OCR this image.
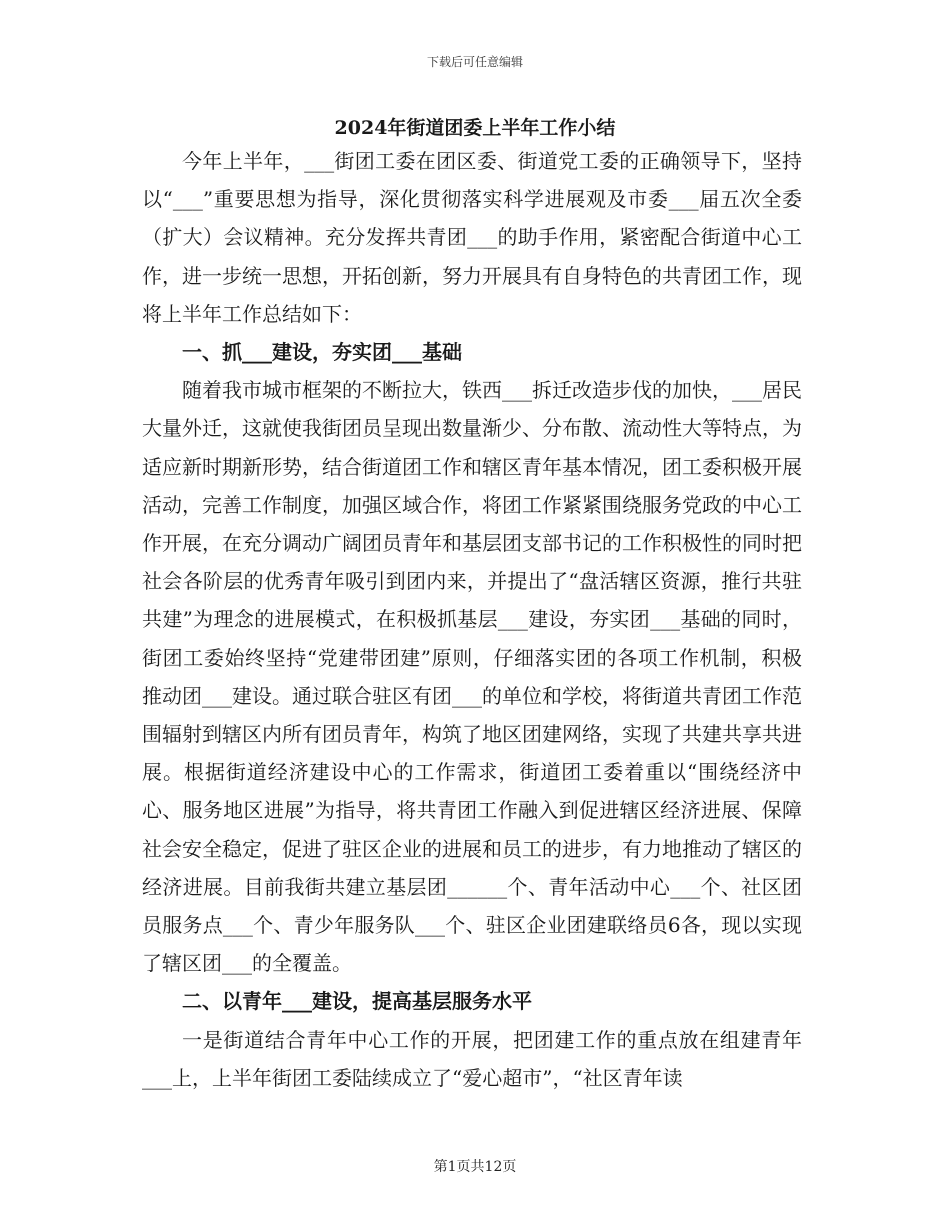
下载后可任意编辑
2024年街道团委上半年工作小结

今年上半年，___街团工委在团区委、街道党工委的正确领导下，坚持以“___”重要思想为指导，深化贯彻落实科学进展观及市委___届五次全委（扩大）会议精神。充分发挥共青团___的助手作用，紧密配合街道中心工作，进一步统一思想，开拓创新，努力开展具有自身特色的共青团工作，现将上半年工作总结如下：

一、抓___建设，夯实团___基础

随着我市城市框架的不断拉大，铁西___拆迁改造步伐的加快，___居民大量外迁，这就使我街团员呈现出数量渐少、分布散、流动性大等特点，为适应新时期新形势，结合街道团工作和辖区青年基本情况，团工委积极开展活动，完善工作制度，加强区域合作，将团工作紧紧围绕服务党政的中心工作开展，在充分调动广阔团员青年和基层团支部书记的工作积极性的同时把社会各阶层的优秀青年吸引到团内来，并提出了“盘活辖区资源，推行共驻共建”为理念的进展模式，在积极抓基层___建设，夯实团___基础的同时，街团工委始终坚持“党建带团建”原则，仔细落实团的各项工作机制，积极推动团___建设。通过联合驻区有团___的单位和学校，将街道共青团工作范围辐射到辖区内所有团员青年，构筑了地区团建网络，实现了共建共享共进展。根据街道经济建设中心的工作需求，街道团工委着重以“围绕经济中心、服务地区进展”为指导，将共青团工作融入到促进辖区经济进展、保障社会安全稳定，促进了驻区企业的进展和员工的进步，有力地推动了辖区的经济进展。目前我街共建立基层团______个、青年活动中心___个、社区团员服务点___个、青少年服务队___个、驻区企业团建联络员6各，现以实现了辖区团___的全覆盖。

二、以青年___建设，提高基层服务水平

一是街道结合青年中心工作的开展，把团建工作的重点放在组建青年___上，上半年街团工委陆续成立了“爱心超市”，“社区青年读

第1页共12页
